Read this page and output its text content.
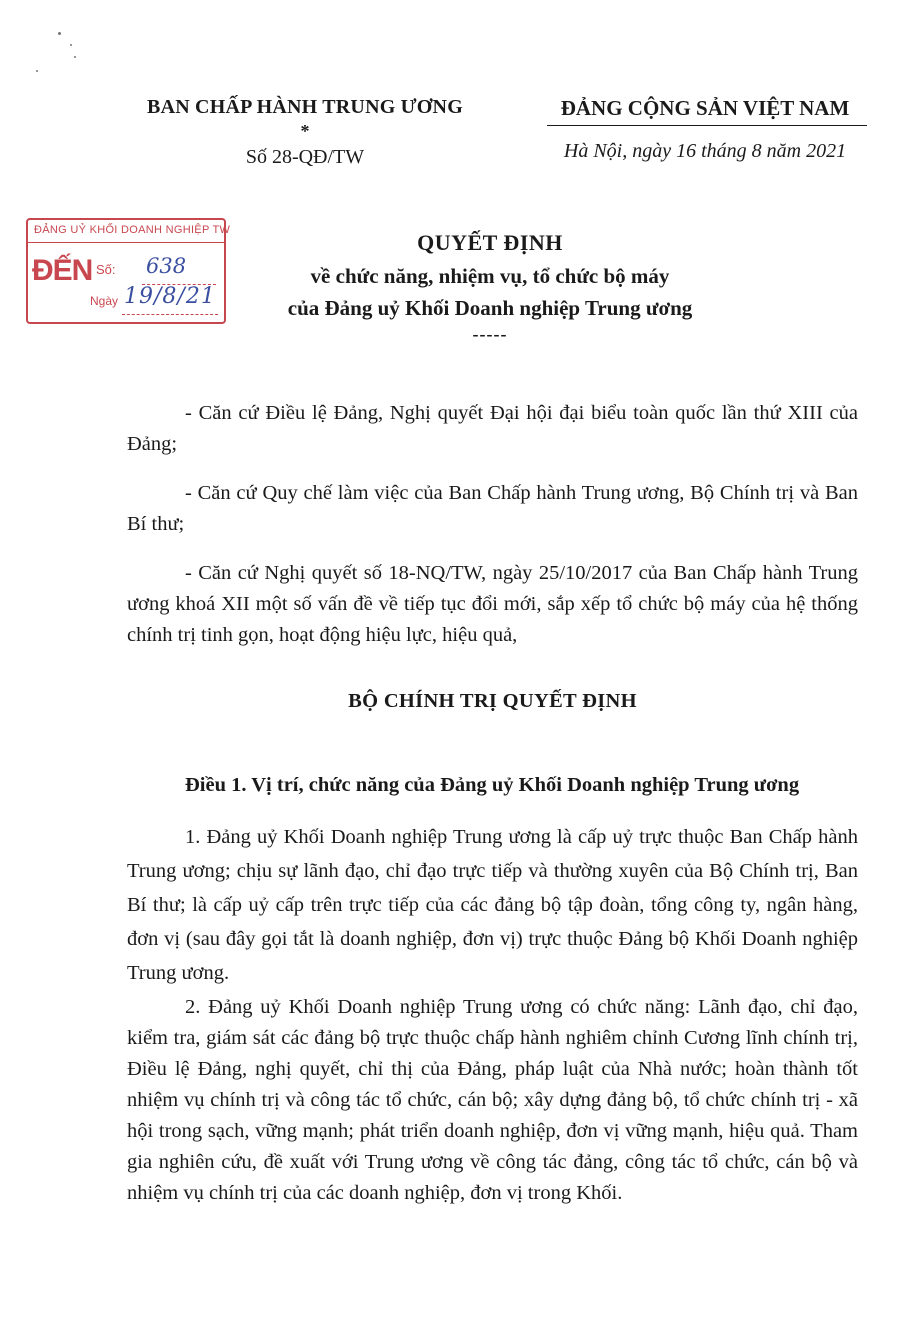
BAN CHẤP HÀNH TRUNG ƯƠNG
*
Số 28-QĐ/TW
ĐẢNG CỘNG SẢN VIỆT NAM
Hà Nội, ngày 16 tháng 8 năm 2021
ĐẢNG UỶ KHỐI DOANH NGHIỆP TW
ĐẾN Số: 638
Ngày 19/8/21
QUYẾT ĐỊNH
về chức năng, nhiệm vụ, tổ chức bộ máy
của Đảng uỷ Khối Doanh nghiệp Trung ương
-----
- Căn cứ Điều lệ Đảng, Nghị quyết Đại hội đại biểu toàn quốc lần thứ XIII của Đảng;
- Căn cứ Quy chế làm việc của Ban Chấp hành Trung ương, Bộ Chính trị và Ban Bí thư;
- Căn cứ Nghị quyết số 18-NQ/TW, ngày 25/10/2017 của Ban Chấp hành Trung ương khoá XII một số vấn đề về tiếp tục đổi mới, sắp xếp tổ chức bộ máy của hệ thống chính trị tinh gọn, hoạt động hiệu lực, hiệu quả,
BỘ CHÍNH TRỊ QUYẾT ĐỊNH
Điều 1. Vị trí, chức năng của Đảng uỷ Khối Doanh nghiệp Trung ương
1. Đảng uỷ Khối Doanh nghiệp Trung ương là cấp uỷ trực thuộc Ban Chấp hành Trung ương; chịu sự lãnh đạo, chỉ đạo trực tiếp và thường xuyên của Bộ Chính trị, Ban Bí thư; là cấp uỷ cấp trên trực tiếp của các đảng bộ tập đoàn, tổng công ty, ngân hàng, đơn vị (sau đây gọi tắt là doanh nghiệp, đơn vị) trực thuộc Đảng bộ Khối Doanh nghiệp Trung ương.
2. Đảng uỷ Khối Doanh nghiệp Trung ương có chức năng: Lãnh đạo, chỉ đạo, kiểm tra, giám sát các đảng bộ trực thuộc chấp hành nghiêm chỉnh Cương lĩnh chính trị, Điều lệ Đảng, nghị quyết, chỉ thị của Đảng, pháp luật của Nhà nước; hoàn thành tốt nhiệm vụ chính trị và công tác tổ chức, cán bộ; xây dựng đảng bộ, tổ chức chính trị - xã hội trong sạch, vững mạnh; phát triển doanh nghiệp, đơn vị vững mạnh, hiệu quả. Tham gia nghiên cứu, đề xuất với Trung ương về công tác đảng, công tác tổ chức, cán bộ và nhiệm vụ chính trị của các doanh nghiệp, đơn vị trong Khối.
